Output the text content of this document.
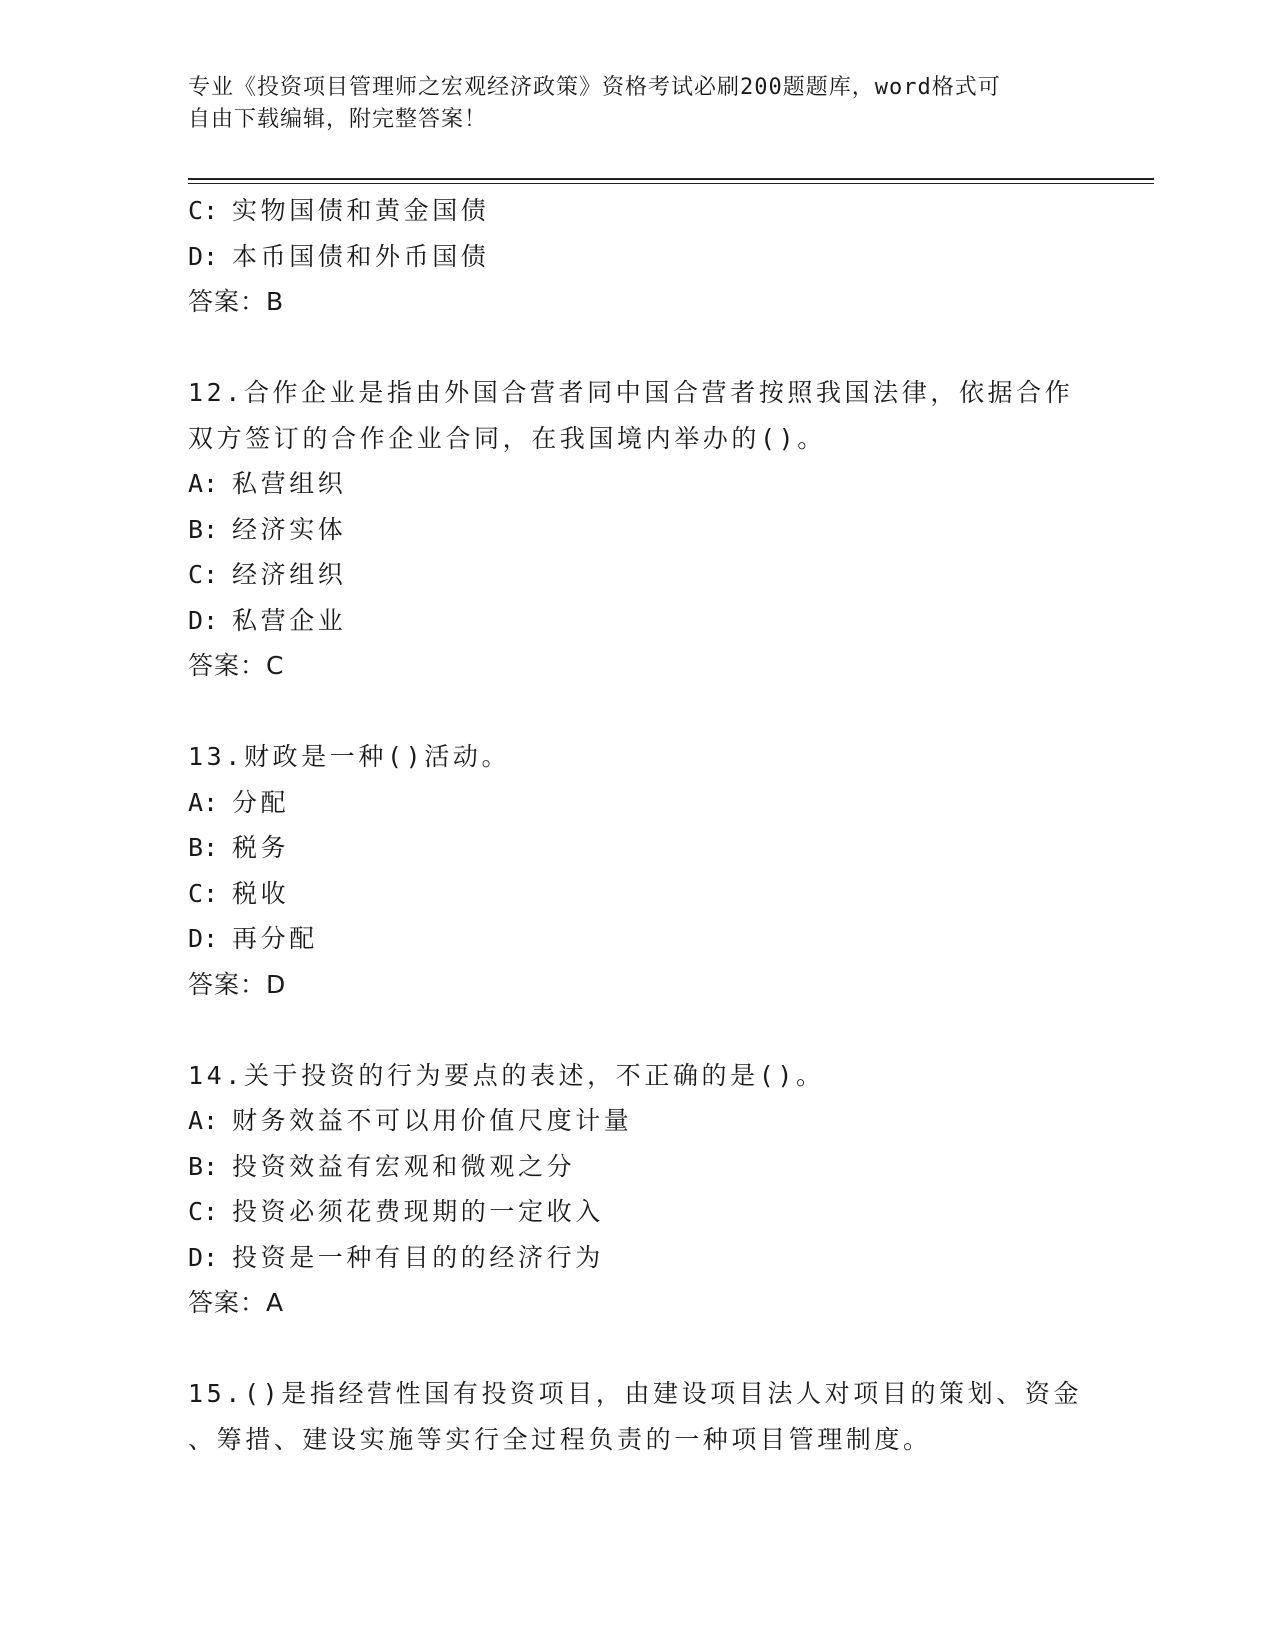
专业《投资项目管理师之宏观经济政策》资格考试必刷200题题库，word格式可
自由下载编辑，附完整答案！
C: 实物国债和黄金国债
D: 本币国债和外币国债
答案：B
12.合作企业是指由外国合营者同中国合营者按照我国法律，依据合作
双方签订的合作企业合同，在我国境内举办的()。
A: 私营组织
B: 经济实体
C: 经济组织
D: 私营企业
答案：C
13.财政是一种()活动。
A: 分配
B: 税务
C: 税收
D: 再分配
答案：D
14.关于投资的行为要点的表述，不正确的是()。
A: 财务效益不可以用价值尺度计量
B: 投资效益有宏观和微观之分
C: 投资必须花费现期的一定收入
D: 投资是一种有目的的经济行为
答案：A
15.()是指经营性国有投资项目，由建设项目法人对项目的策划、资金
、筹措、建设实施等实行全过程负责的一种项目管理制度。
